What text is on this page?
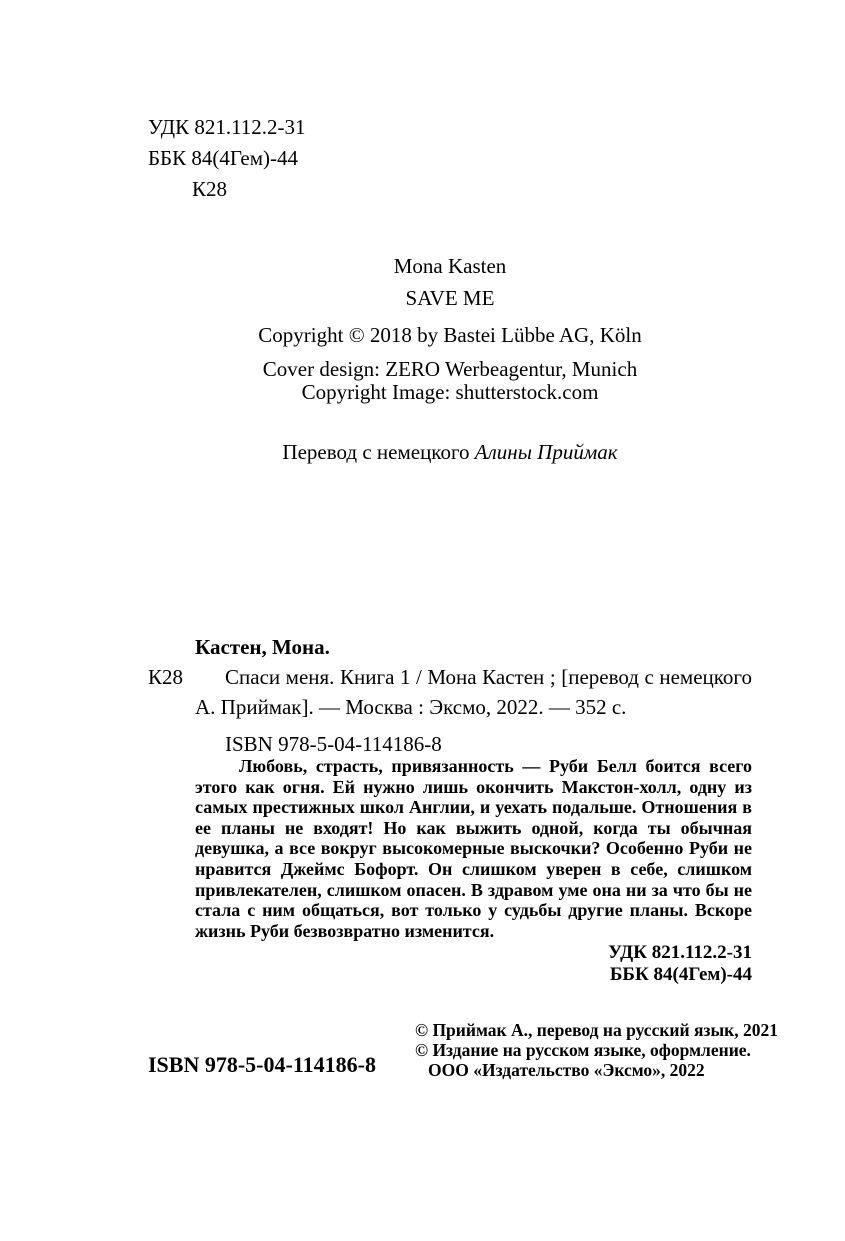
УДК 821.112.2-31
ББК 84(4Гем)-44
К28

Mona Kasten

SAVE ME

Copyright © 2018 by Bastei Lübbe AG, Köln

Cover design: ZERO Werbeagentur, Munich
Copyright Image: shutterstock.com

Перевод с немецкого Алины Приймак

Кастен, Мона.

К28	Спаси меня. Книга 1 / Мона Кастен ; [перевод с немецкого А. Приймак]. — Москва : Эксмо, 2022. — 352 с.

ISBN 978-5-04-114186-8

Любовь, страсть, привязанность — Руби Белл боится всего этого как огня. Ей нужно лишь окончить Макстон-холл, одну из самых престижных школ Англии, и уехать подальше. Отношения в ее планы не входят! Но как выжить одной, когда ты обычная девушка, а все вокруг высокомерные выскочки? Особенно Руби не нравится Джеймс Бофорт. Он слишком уверен в себе, слишком привлекателен, слишком опасен. В здравом уме она ни за что бы не стала с ним общаться, вот только у судьбы другие планы. Вскоре жизнь Руби безвозвратно изменится.
УДК 821.112.2-31
ББК 84(4Гем)-44
ISBN 978-5-04-114186-8
© Приймак А., перевод на русский язык, 2021
© Издание на русском языке, оформление.
ООО «Издательство «Эксмо», 2022
